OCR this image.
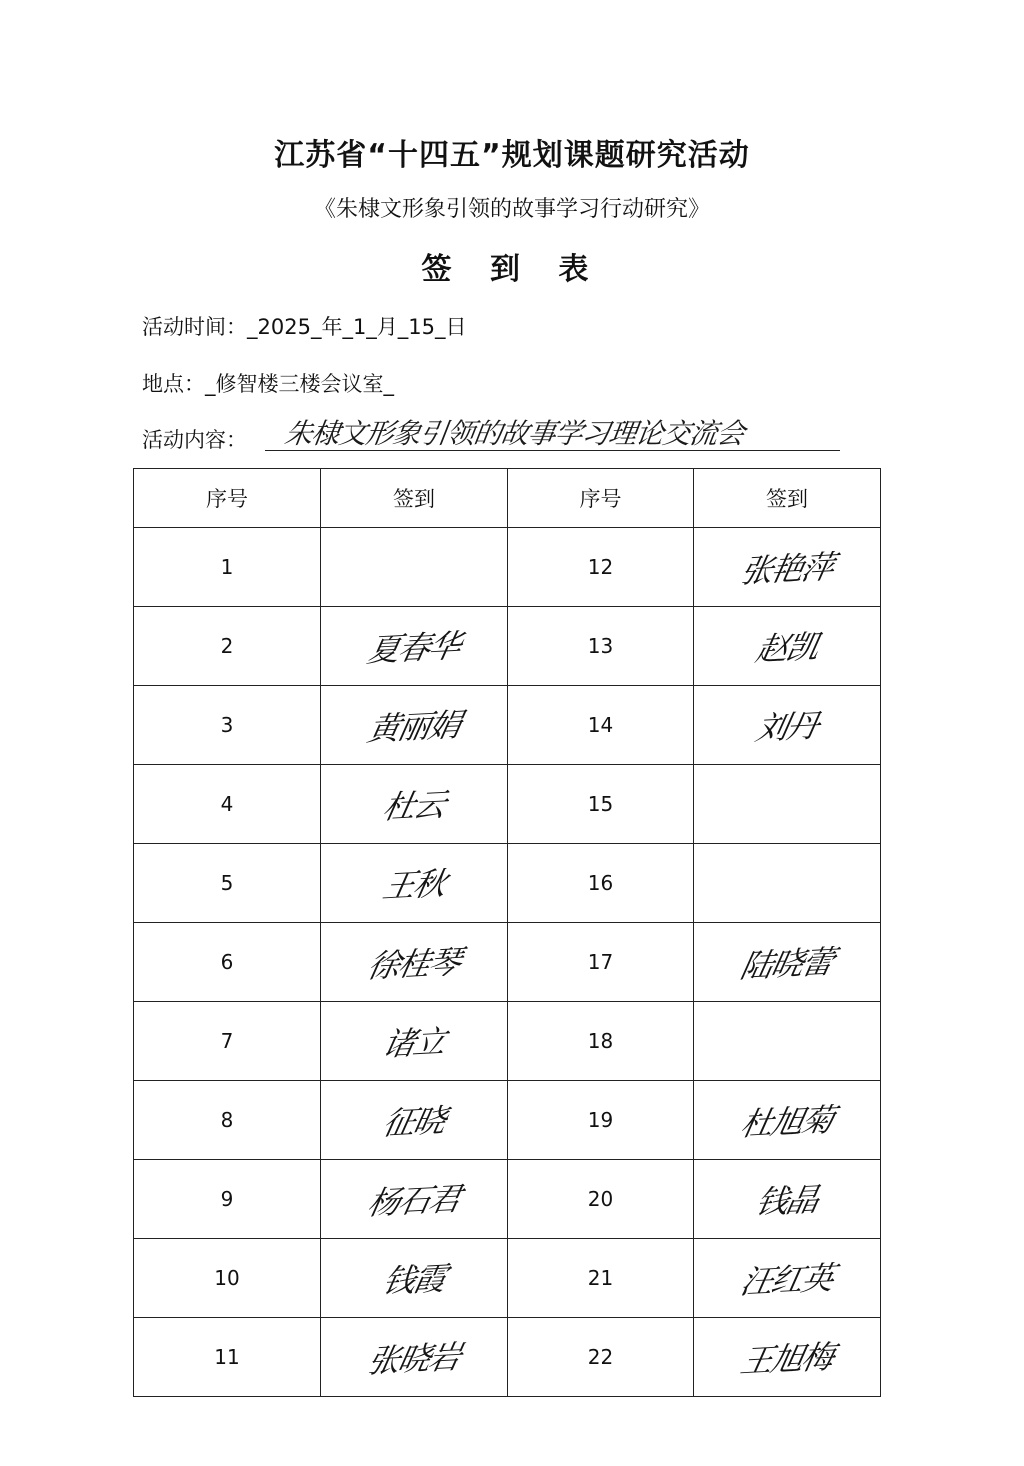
江苏省“十四五”规划课题研究活动
《朱棣文形象引领的故事学习行动研究》
签 到 表
活动时间：_2025_年_1_月_15_日
地点：_修智楼三楼会议室_
活动内容： 朱棣文形象引领的故事学习理论交流会
序号	签到	序号	签到
1		12	张艳萍
2	夏春华	13	赵凯
3	黄丽娟	14	刘丹
4	杜云	15	
5	王秋	16	
6	徐桂琴	17	陆晓蕾
7	诸立	18	
8	征晓	19	杜旭菊
9	杨石君	20	钱晶
10	钱霞	21	汪红英
11	张晓岩	22	王旭梅
